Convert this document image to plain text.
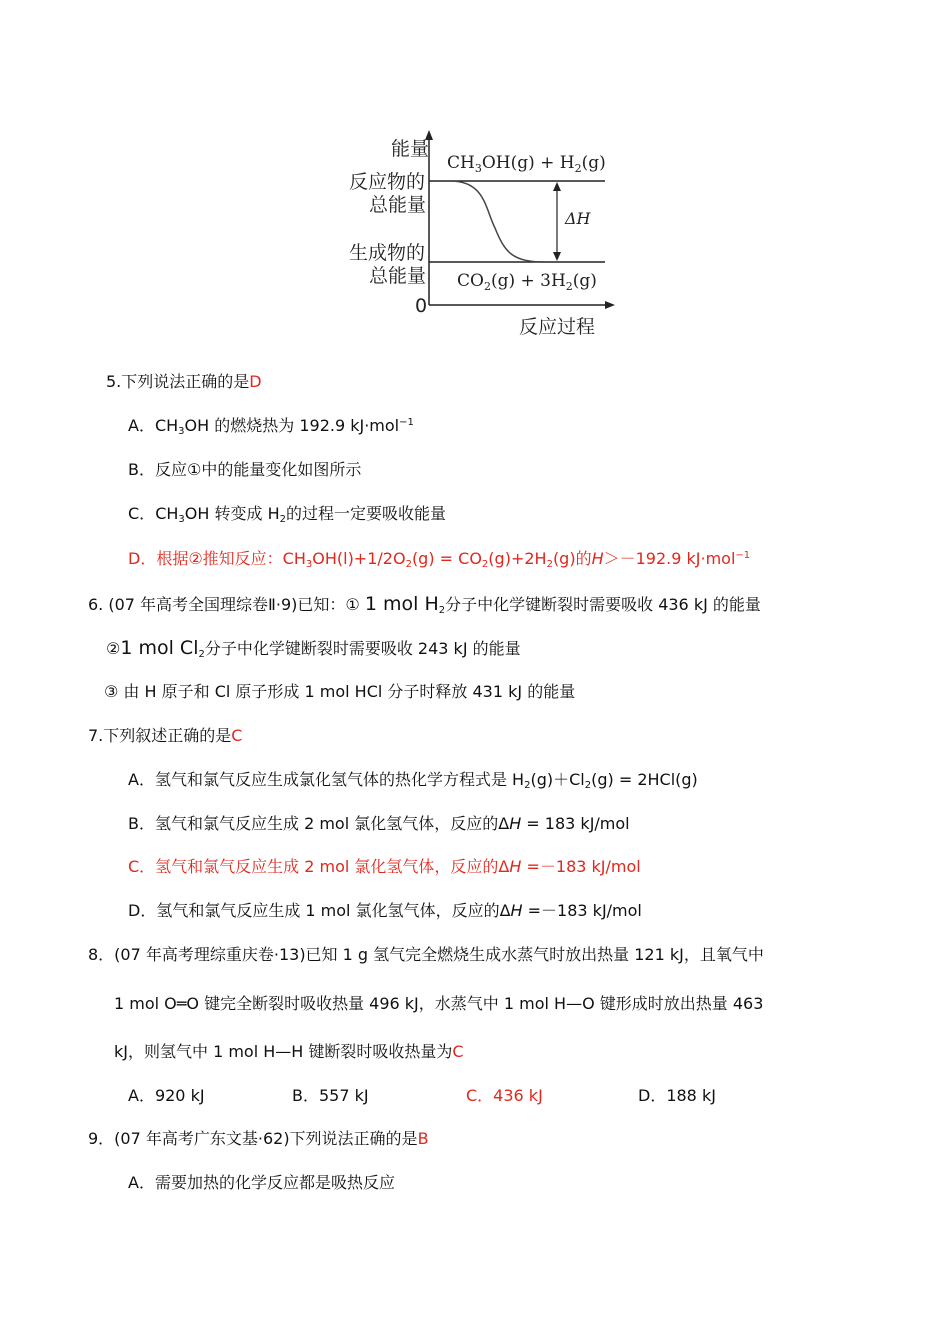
ΔH
能量
反应物的
总能量
生成物的
总能量
0
反应过程
$CH_3OH(g) + H_2(g)$
$CO_2(g) + 3H_2(g)$
5.下列说法正确的是D
A．$CH_3OH$ 的燃烧热为 192.9 kJ·mol$^{-1}$
B．反应①中的能量变化如图所示
C．$CH_3OH$ 转变成 $H_2$的过程一定要吸收能量
D．根据②推知反应：$CH_3OH(l)+1/2O_2(g) = CO_2(g)+2H_2(g)$的H＞－192.9 kJ·mol$^{-1}$
6. (07 年高考全国理综卷Ⅱ·9)已知：① 1 mol $H_2$分子中化学键断裂时需要吸收 436 kJ 的能量
②1 mol $Cl_2$分子中化学键断裂时需要吸收 243 kJ 的能量
③ 由 H 原子和 Cl 原子形成 1 mol HCl 分子时释放 431 kJ 的能量
7.下列叙述正确的是C
A．氢气和氯气反应生成氯化氢气体的热化学方程式是 $H_2(g)+Cl_2(g) = 2HCl(g)$
B．氢气和氯气反应生成 2 mol 氯化氢气体，反应的ΔH = 183 kJ/mol
C．氢气和氯气反应生成 2 mol 氯化氢气体，反应的ΔH =－183 kJ/mol
D．氢气和氯气反应生成 1 mol 氯化氢气体，反应的ΔH =－183 kJ/mol
8．(07 年高考理综重庆卷·13)已知 1 g 氢气完全燃烧生成水蒸气时放出热量 121 kJ，且氧气中
1 mol O═O 键完全断裂时吸收热量 496 kJ，水蒸气中 1 mol H—O 键形成时放出热量 463
kJ，则氢气中 1 mol H—H 键断裂时吸收热量为C
A．920 kJ	B．557 kJ	C．436 kJ	D．188 kJ
9．(07 年高考广东文基·62)下列说法正确的是B
A．需要加热的化学反应都是吸热反应
